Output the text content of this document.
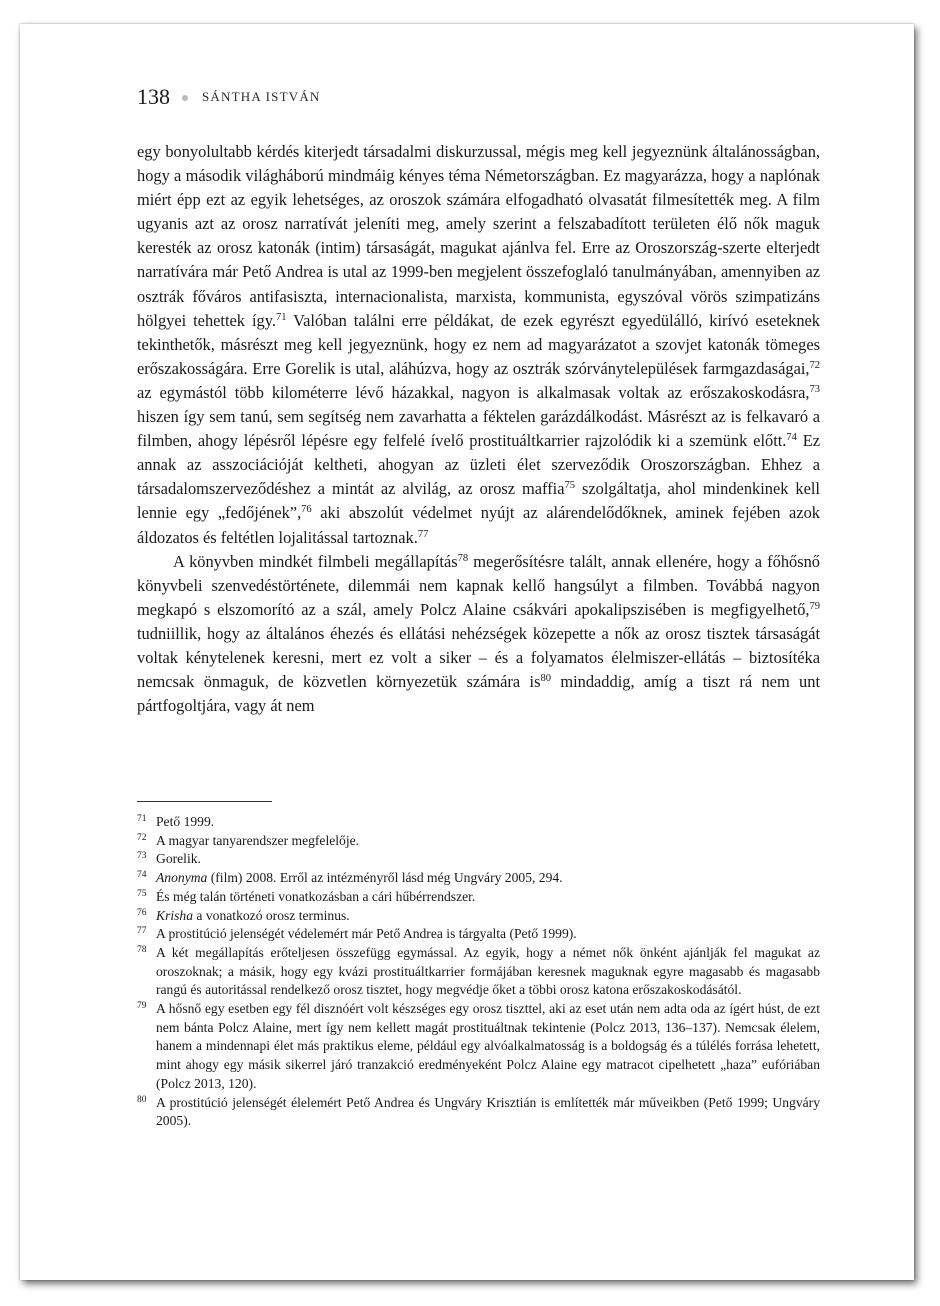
138 SÁNTHA ISTVÁN

egy bonyolultabb kérdés kiterjedt társadalmi diskurzussal, mégis meg kell jegyeznünk általánosságban, hogy a második világháború mindmáig kényes téma Németországban. Ez magyarázza, hogy a naplónak miért épp ezt az egyik lehetséges, az oroszok számára elfogadható olvasatát filmesítették meg. A film ugyanis azt az orosz narratívát jeleníti meg, amely szerint a felszabadított területen élő nők maguk keresték az orosz katonák (intim) társaságát, magukat ajánlva fel. Erre az Oroszország-szerte elterjedt narratívára már Pető Andrea is utal az 1999-ben megjelent összefoglaló tanulmányában, amennyiben az osztrák főváros antifasiszta, internacionalista, marxista, kommunista, egyszóval vörös szimpatizáns hölgyei tehettek így.$^{71}$ Valóban találni erre példákat, de ezek egyrészt egyedülálló, kirívó eseteknek tekinthetők, másrészt meg kell jegyeznünk, hogy ez nem ad magyarázatot a szovjet katonák tömeges erőszakosságára. Erre Gorelik is utal, aláhúzva, hogy az osztrák szórványtelepülések farmgazdaságai,$^{72}$ az egymástól több kilométerre lévő házakkal, nagyon is alkalmasak voltak az erőszakoskodásra,$^{73}$ hiszen így sem tanú, sem segítség nem zavarhatta a féktelen garázdálkodást. Másrészt az is felkavaró a filmben, ahogy lépésről lépésre egy felfelé ívelő prostituáltkarrier rajzolódik ki a szemünk előtt.$^{74}$ Ez annak az asszociációját keltheti, ahogyan az üzleti élet szerveződik Oroszországban. Ehhez a társadalomszerveződéshez a mintát az alvilág, az orosz maffia$^{75}$ szolgáltatja, ahol mindenkinek kell lennie egy „fedőjének”,$^{76}$ aki abszolút védelmet nyújt az alárendelődőknek, aminek fejében azok áldozatos és feltétlen lojalitással tartoznak.$^{77}$

A könyvben mindkét filmbeli megállapítás$^{78}$ megerősítésre talált, annak ellenére, hogy a főhősnő könyvbeli szenvedéstörténete, dilemmái nem kapnak kellő hangsúlyt a filmben. Továbbá nagyon megkapó s elszomorító az a szál, amely Polcz Alaine csákvári apokalipszisében is megfigyelhető,$^{79}$ tudniillik, hogy az általános éhezés és ellátási nehézségek közepette a nők az orosz tisztek társaságát voltak kénytelenek keresni, mert ez volt a siker – és a folyamatos élelmiszer-ellátás – biztosítéka nemcsak önmaguk, de közvetlen környezetük számára is$^{80}$ mindaddig, amíg a tiszt rá nem unt pártfogoltjára, vagy át nem

71 Pető 1999.
72 A magyar tanyarendszer megfelelője.
73 Gorelik.
74 Anonyma (film) 2008. Erről az intézményről lásd még Ungváry 2005, 294.
75 És még talán történeti vonatkozásban a cári hűbérrendszer.
76 Krisha a vonatkozó orosz terminus.
77 A prostitúció jelenségét védelemért már Pető Andrea is tárgyalta (Pető 1999).
78 A két megállapítás erőteljesen összefügg egymással. Az egyik, hogy a német nők önként ajánlják fel magukat az oroszoknak; a másik, hogy egy kvázi prostituáltkarrier formájában keresnek maguknak egyre magasabb és magasabb rangú és autoritással rendelkező orosz tisztet, hogy megvédje őket a többi orosz katona erőszakoskodásától.
79 A hősnő egy esetben egy fél disznóért volt készséges egy orosz tiszttel, aki az eset után nem adta oda az ígért húst, de ezt nem bánta Polcz Alaine, mert így nem kellett magát prostituáltnak tekintenie (Polcz 2013, 136–137). Nemcsak élelem, hanem a mindennapi élet más praktikus eleme, például egy alvóalkalmatosság is a boldogság és a túlélés forrása lehetett, mint ahogy egy másik sikerrel járó tranzakció eredményeként Polcz Alaine egy matracot cipelhetett „haza” eufóriában (Polcz 2013, 120).
80 A prostitúció jelenségét élelemért Pető Andrea és Ungváry Krisztián is említették már műveikben (Pető 1999; Ungváry 2005).
